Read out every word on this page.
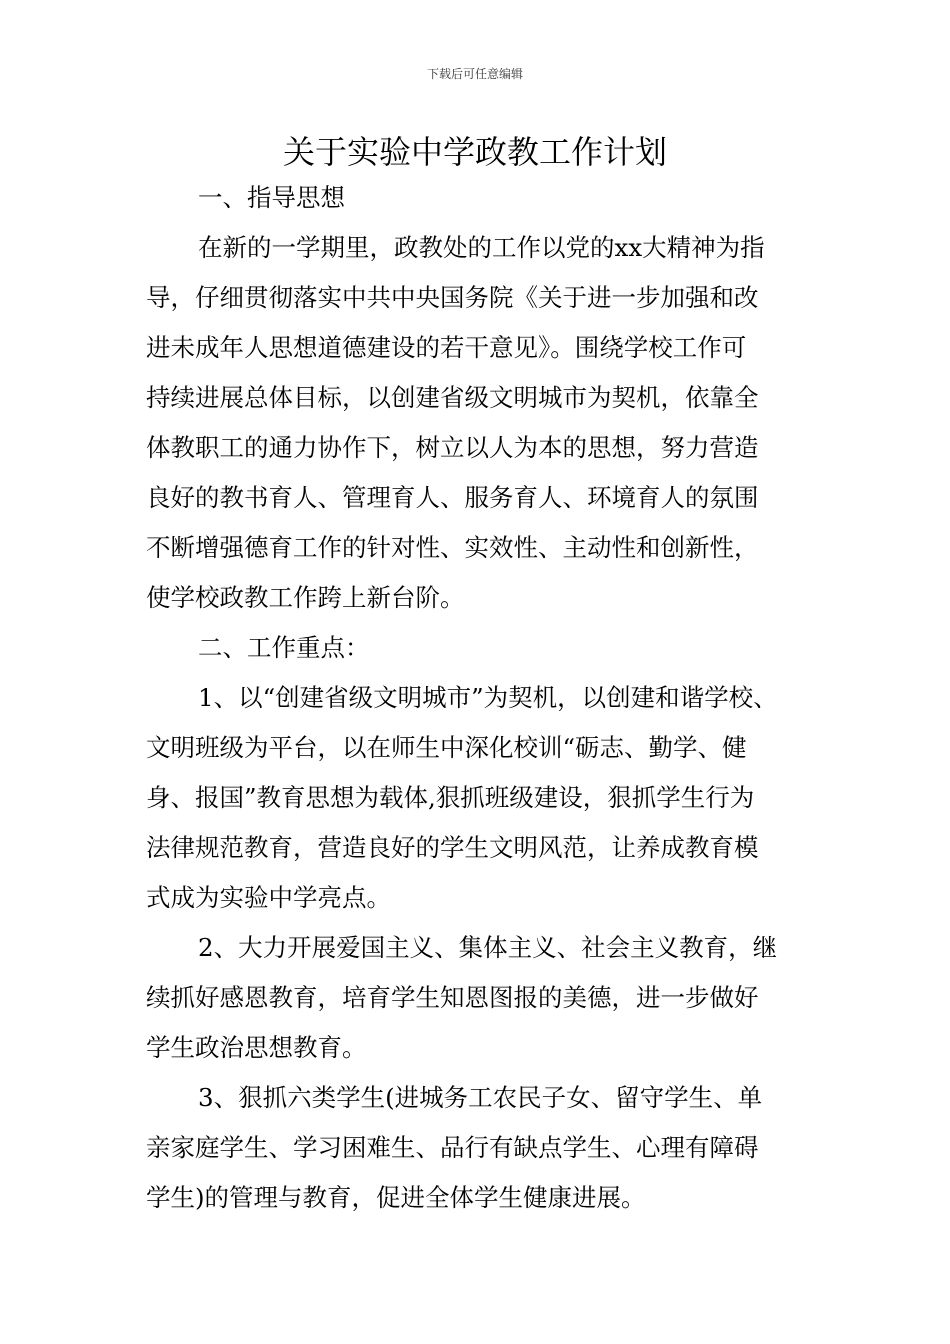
下载后可任意编辑
关于实验中学政教工作计划
一、指导思想
在新的一学期里，政教处的工作以党的xx大精神为指
导，仔细贯彻落实中共中央国务院《关于进一步加强和改
进未成年人思想道德建设的若干意见》。围绕学校工作可
持续进展总体目标，以创建省级文明城市为契机，依靠全
体教职工的通力协作下，树立以人为本的思想，努力营造
良好的教书育人、管理育人、服务育人、环境育人的氛围
不断增强德育工作的针对性、实效性、主动性和创新性，
使学校政教工作跨上新台阶。
二、工作重点：
1、以“创建省级文明城市”为契机，以创建和谐学校、
文明班级为平台，以在师生中深化校训“砺志、勤学、健
身、报国”教育思想为载体,狠抓班级建设，狠抓学生行为
法律规范教育，营造良好的学生文明风范，让养成教育模
式成为实验中学亮点。
2、大力开展爱国主义、集体主义、社会主义教育，继
续抓好感恩教育，培育学生知恩图报的美德，进一步做好
学生政治思想教育。
3、狠抓六类学生(进城务工农民子女、留守学生、单
亲家庭学生、学习困难生、品行有缺点学生、心理有障碍
学生)的管理与教育，促进全体学生健康进展。
